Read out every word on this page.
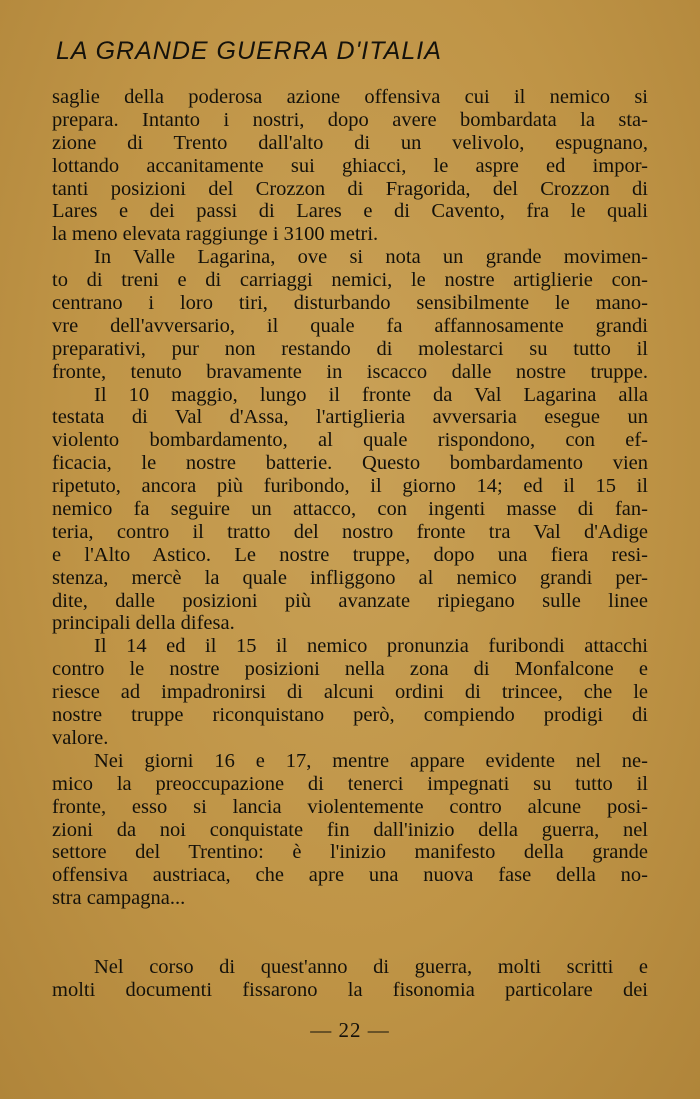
LA GRANDE GUERRA D'ITALIA
saglie della poderosa azione offensiva cui il nemico si
prepara. Intanto i nostri, dopo avere bombardata la sta-
zione di Trento dall'alto di un velivolo, espugnano,
lottando accanitamente sui ghiacci, le aspre ed impor-
tanti posizioni del Crozzon di Fragorida, del Crozzon di
Lares e dei passi di Lares e di Cavento, fra le quali
la meno elevata raggiunge i 3100 metri.
In Valle Lagarina, ove si nota un grande movimen-
to di treni e di carriaggi nemici, le nostre artiglierie con-
centrano i loro tiri, disturbando sensibilmente le mano-
vre dell'avversario, il quale fa affannosamente grandi
preparativi, pur non restando di molestarci su tutto il
fronte, tenuto bravamente in iscacco dalle nostre truppe.
Il 10 maggio, lungo il fronte da Val Lagarina alla
testata di Val d'Assa, l'artiglieria avversaria esegue un
violento bombardamento, al quale rispondono, con ef-
ficacia, le nostre batterie. Questo bombardamento vien
ripetuto, ancora più furibondo, il giorno 14; ed il 15 il
nemico fa seguire un attacco, con ingenti masse di fan-
teria, contro il tratto del nostro fronte tra Val d'Adige
e l'Alto Astico. Le nostre truppe, dopo una fiera resi-
stenza, mercè la quale infliggono al nemico grandi per-
dite, dalle posizioni più avanzate ripiegano sulle linee
principali della difesa.
Il 14 ed il 15 il nemico pronunzia furibondi attacchi
contro le nostre posizioni nella zona di Monfalcone e
riesce ad impadronirsi di alcuni ordini di trincee, che le
nostre truppe riconquistano però, compiendo prodigi di
valore.
Nei giorni 16 e 17, mentre appare evidente nel ne-
mico la preoccupazione di tenerci impegnati su tutto il
fronte, esso si lancia violentemente contro alcune posi-
zioni da noi conquistate fin dall'inizio della guerra, nel
settore del Trentino: è l'inizio manifesto della grande
offensiva austriaca, che apre una nuova fase della no-
stra campagna...
Nel corso di quest'anno di guerra, molti scritti e
molti documenti fissarono la fisonomia particolare dei
— 22 —
